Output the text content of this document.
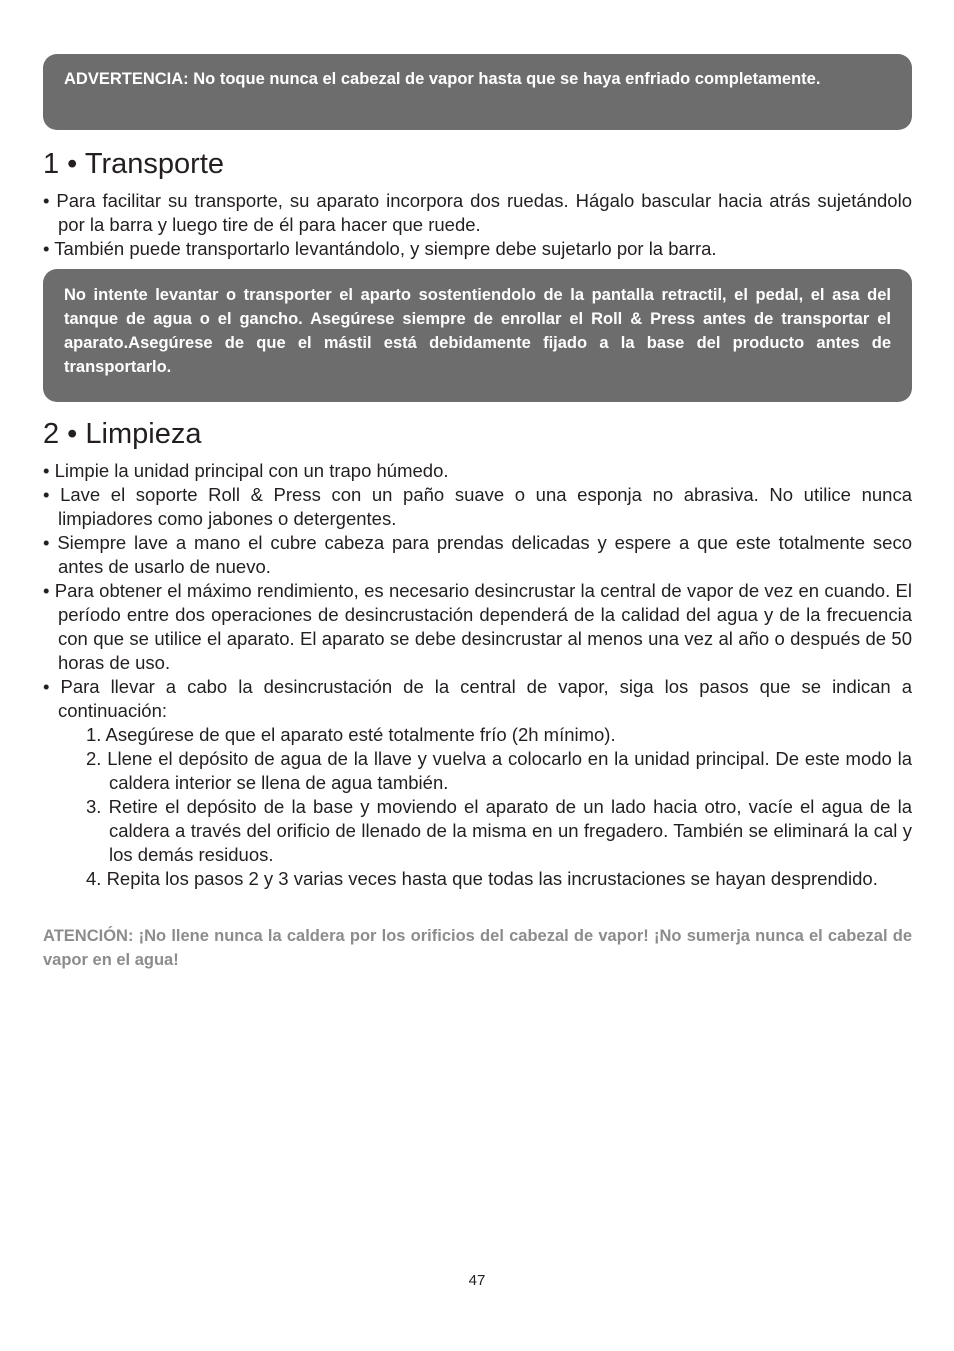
ADVERTENCIA: No toque nunca el cabezal de vapor hasta que se haya enfriado completamente.
1 • Transporte
• Para facilitar su transporte, su aparato incorpora dos ruedas. Hágalo bascular hacia atrás sujetándolo por la barra y luego tire de él para hacer que ruede.
• También puede transportarlo levantándolo, y siempre debe sujetarlo por la barra.
No intente levantar o transporter el aparto sostentiendolo de la pantalla retractil, el pedal, el asa del tanque de agua o el gancho. Asegúrese siempre de enrollar el Roll & Press antes de transportar el aparato.Asegúrese de que el mástil está debidamente fijado a la base del producto antes de transportarlo.
2 • Limpieza
• Limpie la unidad principal con un trapo húmedo.
• Lave el soporte Roll & Press con un paño suave o una esponja no abrasiva. No utilice nunca limpiadores como jabones o detergentes.
• Siempre lave a mano el cubre cabeza para prendas delicadas y espere a que este totalmente seco antes de usarlo de nuevo.
• Para obtener el máximo rendimiento, es necesario desincrustar la central de vapor de vez en cuando. El período entre dos operaciones de desincrustación dependerá de la calidad del agua y de la frecuencia con que se utilice el aparato. El aparato se debe desincrustar al menos una vez al año o después de 50 horas de uso.
• Para llevar a cabo la desincrustación de la central de vapor, siga los pasos que se indican a continuación:
1. Asegúrese de que el aparato esté totalmente frío (2h mínimo).
2. Llene el depósito de agua de la llave y vuelva a colocarlo en la unidad principal. De este modo la caldera interior se llena de agua también.
3. Retire el depósito de la base y moviendo el aparato de un lado hacia otro, vacíe el agua de la caldera a través del orificio de llenado de la misma en un fregadero. También se eliminará la cal y los demás residuos.
4. Repita los pasos 2 y 3 varias veces hasta que todas las incrustaciones se hayan desprendido.
ATENCIÓN: ¡No llene nunca la caldera por los orificios del cabezal de vapor! ¡No sumerja nunca el cabezal de vapor en el agua!
47
